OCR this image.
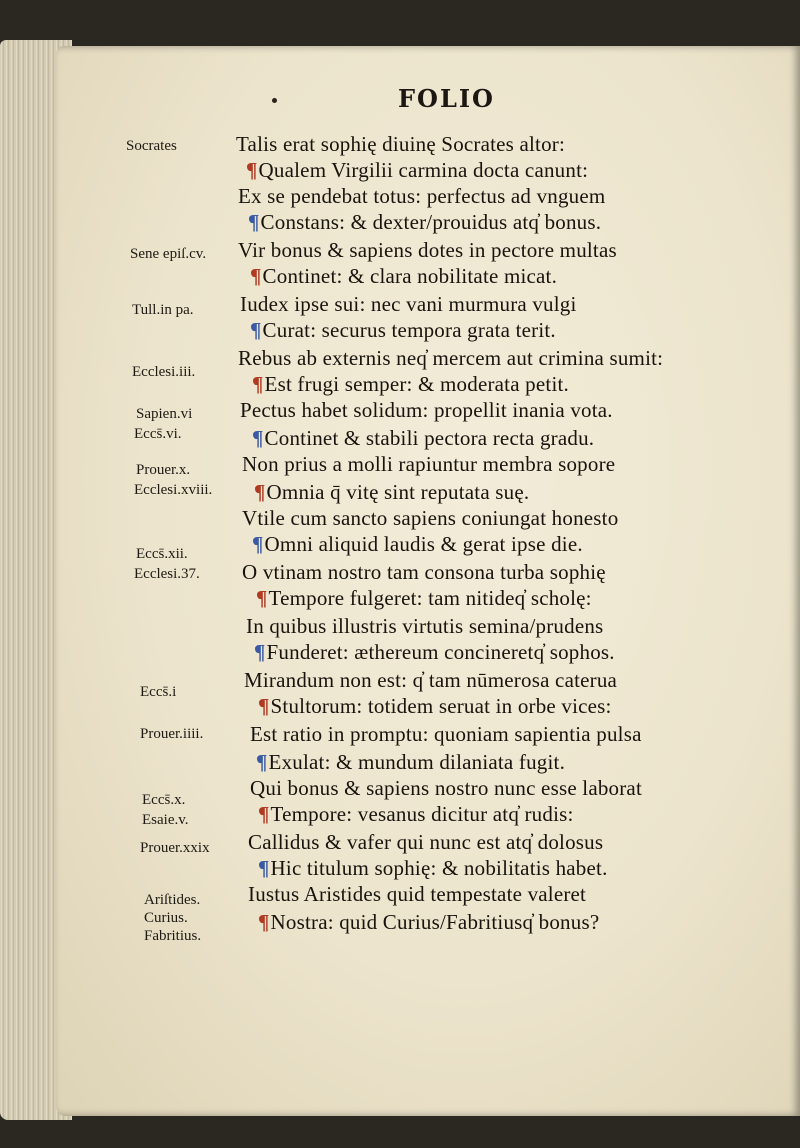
FOLIO
Socrates
Sene epiſ.cv.
Tull.in pa.
Ecclesi.iii.
Sapien.vi
Eccs̄.vi.
Prouer.x.
Ecclesi.xviii.
Eccs̄.xii.
Ecclesi.37.
Eccs̄.i
Prouer.iiii.
Eccs̄.x.
Esaie.v.
Prouer.xxix
Ariſtides.
Curius.
Fabritius.
Talis erat sophię diuinę Socrates altor:
¶Qualem Virgilii carmina docta canunt:
Ex se pendebat totus: perfectus ad vnguem
¶Constans: & dexter/prouidus atq̓ bonus.
Vir bonus & sapiens dotes in pectore multas
¶Continet: & clara nobilitate micat.
Iudex ipse sui: nec vani murmura vulgi
¶Curat: securus tempora grata terit.
Rebus ab externis neq̓ mercem aut crimina sumit:
¶Est frugi semper: & moderata petit.
Pectus habet solidum: propellit inania vota.
¶Continet & stabili pectora recta gradu.
Non prius a molli rapiuntur membra sopore
¶Omnia q̄ vitę sint reputata suę.
Vtile cum sancto sapiens coniungat honesto
¶Omni aliquid laudis & gerat ipse die.
O vtinam nostro tam consona turba sophię
¶Tempore fulgeret: tam nitideq̓ scholę:
In quibus illustris virtutis semina/prudens
¶Funderet: æthereum concineretq̓ sophos.
Mirandum non est: q̓ tam nūmerosa caterua
¶Stultorum: totidem seruat in orbe vices:
Est ratio in promptu: quoniam sapientia pulsa
¶Exulat: & mundum dilaniata fugit.
Qui bonus & sapiens nostro nunc esse laborat
¶Tempore: vesanus dicitur atq̓ rudis:
Callidus & vafer qui nunc est atq̓ dolosus
¶Hic titulum sophię: & nobilitatis habet.
Iustus Aristides quid tempestate valeret
¶Nostra: quid Curius/Fabritiusq̓ bonus?
